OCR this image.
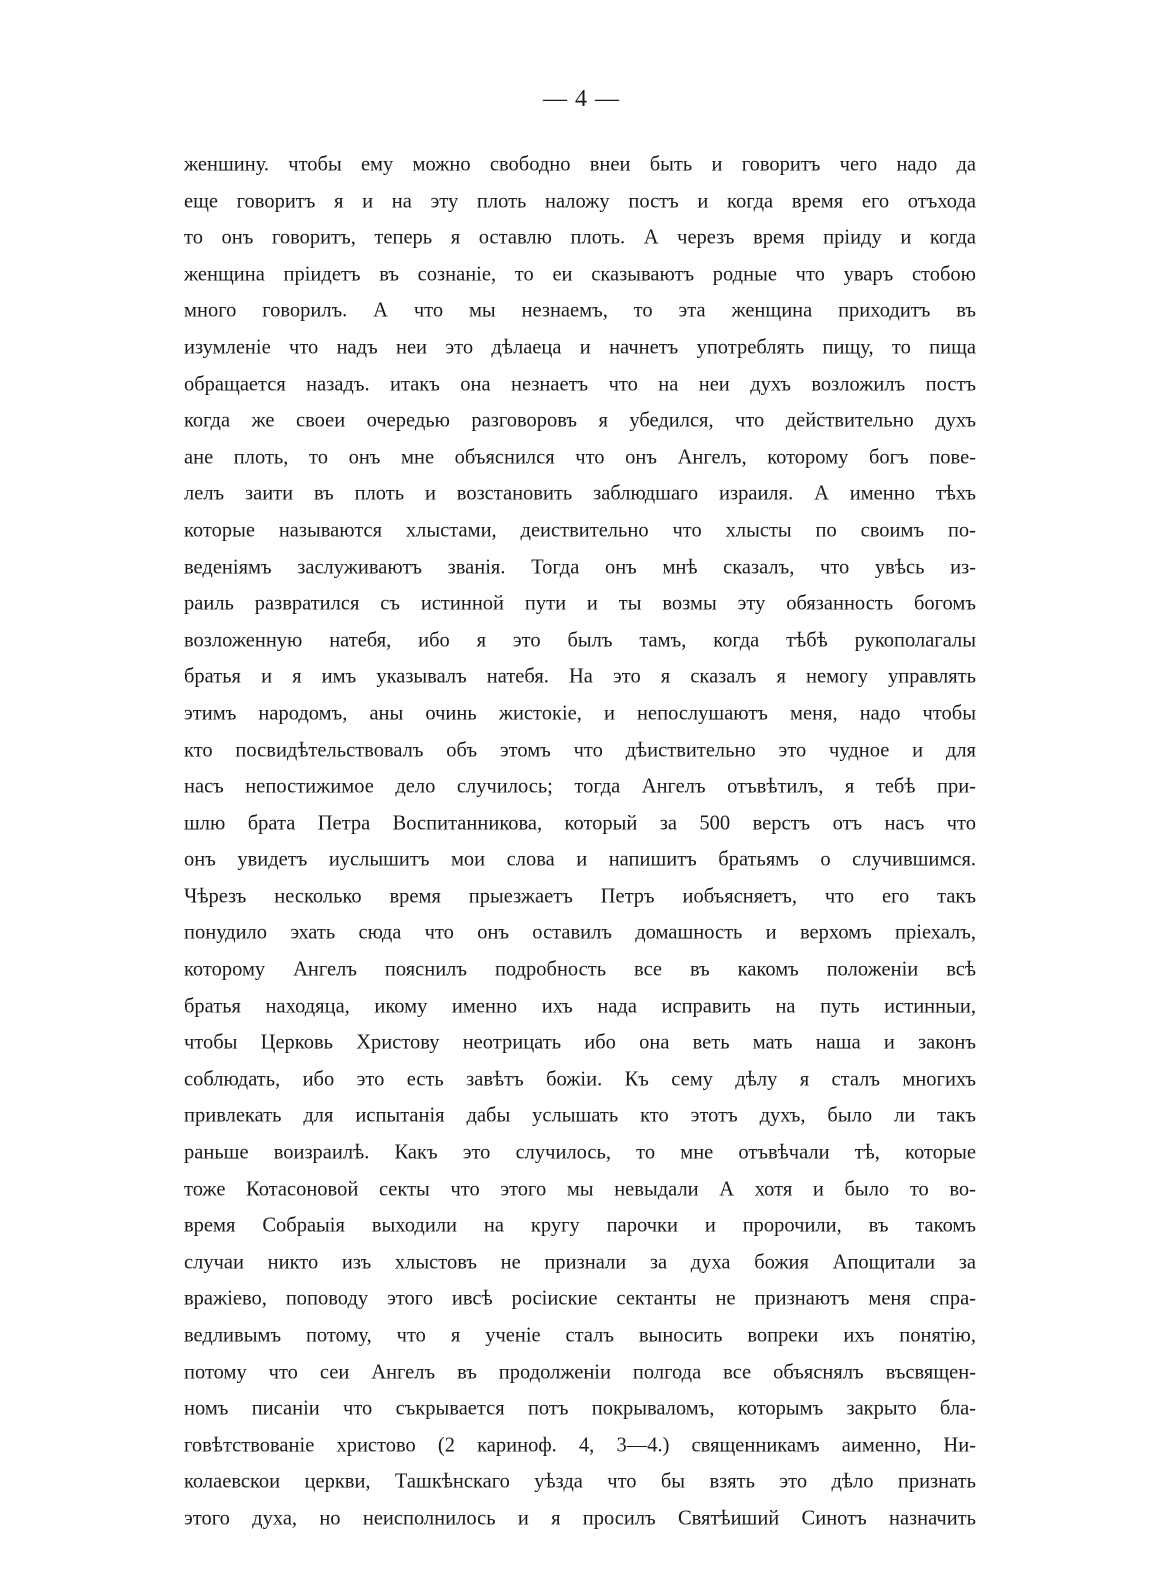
— 4 —
женшину. чтобы ему можно свободно внеи быть и говоритъ чего надо да
еще говоритъ я и на эту плоть наложу постъ и когда время его отъхода
то онъ говоритъ, теперь я оставлю плоть. А черезъ время прiиду и когда
женщина прiидетъ въ сознанiе, то еи сказываютъ родные что уваръ стобою
много говорилъ. А что мы незнаемъ, то эта женщина приходитъ въ
изумленiе что надъ неи это дѣлаеца и начнетъ употреблять пищу, то пища
обращается назадъ. итакъ она незнаетъ что на неи духъ возложилъ постъ
когда же своеи очередью разговоровъ я убедился, что действительно духъ
ане плоть, то онъ мне объяснился что онъ Ангелъ, которому богъ пове-
лелъ заити въ плоть и возстановить заблюдшаго израиля. А именно тѣхъ
которые называются хлыстами, деиствительно что хлысты по своимъ по-
веденiямъ заслуживаютъ званiя. Тогда онъ мнѣ сказалъ, что увѣсь из-
раиль развратился съ истинной пути и ты возмы эту обязанность богомъ
возложенную натебя, ибо я это былъ тамъ, когда тѣбѣ рукополагалы
братья и я имъ указывалъ натебя. На это я сказалъ я немогу управлять
этимъ народомъ, аны очинь жистокiе, и непослушаютъ меня, надо чтобы
кто посвидѣтельствовалъ объ этомъ что дѣиствительно это чудное и для
насъ непостижимое дело случилось; тогда Ангелъ отъвѣтилъ, я тебѣ при-
шлю брата Петра Воспитанникова, который за 500 верстъ отъ насъ что
онъ увидетъ иуслышитъ мои слова и напишитъ братьямъ о случившимся.
Чѣрезъ несколько время прыезжаетъ Петръ иобъясняетъ, что его такъ
понудило эхать сюда что онъ оставилъ домашность и верхомъ прiехалъ,
которому Ангелъ пояснилъ подробность все въ какомъ положенiи всѣ
братья находяца, икому именно ихъ нада исправить на путь истинныи,
чтобы Церковь Христову неотрицать ибо она веть мать наша и законъ
соблюдать, ибо это есть завѣтъ божiи. Къ сему дѣлу я сталъ многихъ
привлекать для испытанiя дабы услышать кто этотъ духъ, было ли такъ
раньше воизраилѣ. Какъ это случилось, то мне отъвѣчали тѣ, которые
тоже Котасоновой секты что этого мы невыдали А хотя и было то во-
время Собраыiя выходили на кругу парочки и пророчили, въ такомъ
случаи никто изъ хлыстовъ не признали за духа божия Апощитали за
вражiево, поповоду этого ивсѣ росiиские сектанты не признаютъ меня спра-
ведливымъ потому, что я ученiе сталъ выносить вопреки ихъ понятiю,
потому что сеи Ангелъ въ продолженiи полгода все объяснялъ въсвящен-
номъ писанiи что съкрывается потъ покрываломъ, которымъ закрыто бла-
говѣтствованiе христово (2 кариноф. 4, 3—4.) священникамъ аименно, Ни-
колаевскои церкви, Ташкѣнскаго уѣзда что бы взять это дѣло признать
этого духа, но неисполнилось и я просилъ Святѣиший Синотъ назначить
